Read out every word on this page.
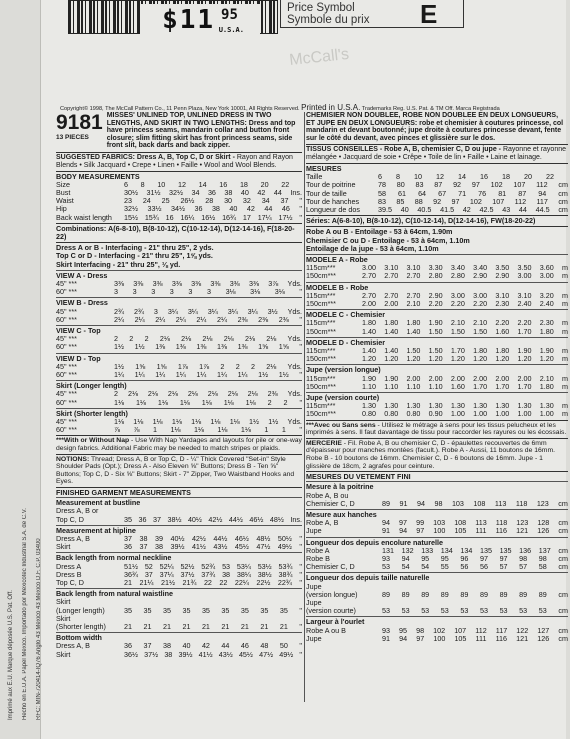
$11 95
U.S.A.
Price Symbol
Symbole du prix	E
McCall's
Copyright© 1998, The McCall Pattern Co., 11 Penn Plaza, New York 10001, All Rights Reserved. Printed in U.S.A. Trademarks Reg. U.S. Pat. & TM Off. Marca Registrada
Imprimé aux É.U. Marque déposée U.S. Pat. Off.	Hecho en E.U.A. Papel Mexico. Importado por Mexicotec Industrial S.A. de C.V.	RFC: MIN-720414-IQ76 Anglo 43 Mexico 43 Mexico D.F. C.P. 03400
9181
13 PIECES
MISSES' UNLINED TOP, UNLINED DRESS IN TWO LENGTHS, AND SKIRT IN TWO LENGTHS: Dress and top have princess seams, mandarin collar and button front closure; slim fitting skirt has front princess seams, side front slit, back darts and back zipper.
SUGGESTED FABRICS: Dress A, B, Top C, D or Skirt - Rayon and Rayon Blends • Silk Jacquard • Crepe • Linen • Faille • Wool and Wool Blends.
BODY MEASUREMENTS
Size	6 8 10 12 14 16 18 20 22
Bust	30½ 31½ 32½ 34 36 38 40 42 44 Ins.
Waist	23 24 25 26½ 28 30 32 34 37 "
Hip	32½ 33½ 34½ 36 38 40 42 44 46 "
Back waist length	15½ 15¾ 16 16¼ 16½ 16¾ 17 17¼ 17½ "
Combinations: A(6-8-10), B(8-10-12), C(10-12-14), D(12-14-16), F(18-20-22)
Dress A or B - Interfacing - 21" thru 25", 2 yds.
Top C or D - Interfacing - 21" thru 25", 1⅝ yds.
Skirt Interfacing - 21" thru 25", ⅛ yd.
VIEW A - Dress
45" ***	3⅜ 3⅜ 3⅜ 3⅜ 3⅜ 3⅜ 3⅜ 3⅜ 3⅞ Yds.
60" ***	3 3 3 3 3 3 3⅛ 3⅛ 3⅛ "
VIEW B - Dress
45" ***	2¾ 2¾ 3 3¼ 3¼ 3¼ 3¼ 3¼ 3½ Yds.
60" ***	2¼ 2¼ 2¼ 2¼ 2¼ 2¼ 2⅜ 2⅜ 2⅜ "
VIEW C - Top
45" ***	2 2 2 2⅛ 2⅛ 2⅛ 2⅛ 2⅛ 2⅛ Yds.
60" ***	1½ 1½ 1⅜ 1⅜ 1⅜ 1⅜ 1⅜ 1⅝ 1⅝ "
VIEW D - Top
45" ***	1½ 1⅝ 1⅝ 1⅞ 1⅞ 2 2 2 2⅛ Yds.
60" ***	1¼ 1¼ 1¼ 1¼ 1¼ 1¼ 1¼ 1½ 1½ "
Skirt (Longer length)
45" ***	2 2⅛ 2⅛ 2⅛ 2⅛ 2⅛ 2⅛ 2⅛ 2⅜ Yds.
60" ***	1⅛ 1⅛ 1⅛ 1⅛ 1⅛ 1⅛ 1⅛ 2 2 "
Skirt (Shorter length)
45" ***	1⅛ 1⅛ 1⅛ 1⅛ 1⅛ 1⅛ 1⅛ 1½ 1½ Yds.
60" ***	⅞ ⅞ 1 1⅛ 1⅛ 1⅛ 1⅛ 1 1 "
***With or Without Nap - Use With Nap Yardages and layouts for pile or one-way design fabrics. Additional Fabric may be needed to match stripes or plaids.
NOTIONS: Thread; Dress A, B or Top C, D - ¼" Thick Covered "Set-in" Style Shoulder Pads (Opt.); Dress A - Also Eleven ⅝" Buttons; Dress B - Ten ⅝" Buttons; Top C, D - Six ⅝" Buttons; Skirt - 7" Zipper, Two Waistband Hooks and Eyes.
FINISHED GARMENT MEASUREMENTS
Measurement at bustline
Dress A, B or
Top C, D	35 36 37 38½ 40½ 42½ 44½ 46½ 48½ Ins.
Measurement at hipline
Dress A, B	37 38 39 40½ 42½ 44½ 46½ 48½ 50½ "
Skirt	36 37 38 39½ 41½ 43½ 45½ 47½ 49½ "
Back length from normal neckline
Dress A	51½ 52 52¼ 52½ 52¾ 53 53¼ 53½ 53¾ "
Dress B	36¾ 37 37¼ 37½ 37¾ 38 38¼ 38½ 38¾ "
Top C, D	21 21¼ 21½ 21¾ 22 22 22¼ 22½ 22¾ "
Back length from natural waistline
Skirt
(Longer length)	35 35 35 35 35 35 35 35 35 "
Skirt
(Shorter length)	21 21 21 21 21 21 21 21 21 "
Bottom width
Dress A, B	36 37 38 40 42 44 46 48 50 "
Skirt	36½ 37½ 38 39½ 41½ 43½ 45½ 47½ 49½ "
CHEMISIER NON DOUBLEE, ROBE NON DOUBLEE EN DEUX LONGUEURS, ET JUPE EN DEUX LONGUEURS: robe et chemisier à coutures princesse, col mandarin et devant boutonné; jupe droite à coutures princesse devant, fente sur le côté du devant, avec pinces et glissière sur le dos.
TISSUS CONSEILLES - Robe A, B, chemisier C, D ou jupe - Rayonne et rayonne mélangée • Jacquard de soie • Crêpe • Toile de lin • Faille • Laine et lainage.
MESURES
Taille	6 8 10 12 14 16 18 20 22
Tour de poitrine	78 80 83 87 92 97 102 107 112 cm
Tour de taille	58 61 64 67 71 76 81 87 94 cm
Tour de hanches	83 85 88 92 97 102 107 112 117 cm
Longueur de dos	39.5 40 40.5 41.5 42 42.5 43 44 44.5 cm
Séries: A(6-8-10), B(8-10-12), C(10-12-14), D(12-14-16), FW(18-20-22)
Robe A ou B - Entoilage - 53 à 64cm, 1.90m
Chemisier C ou D - Entoilage - 53 à 64cm, 1.10m
Entoilage de la jupe - 53 à 64cm, 1.10m
MODELE A - Robe
115cm***	3.00 3.10 3.10 3.30 3.40 3.40 3.50 3.50 3.60 m
150cm***	2.70 2.70 2.70 2.80 2.80 2.90 2.90 3.00 3.00 m
MODELE B - Robe
115cm***	2.70 2.70 2.70 2.90 3.00 3.00 3.10 3.10 3.20 m
150cm***	2.00 2.00 2.10 2.20 2.20 2.20 2.30 2.40 2.40 m
MODELE C - Chemisier
115cm***	1.80 1.80 1.80 1.90 2.10 2.10 2.20 2.20 2.30 m
150cm***	1.40 1.40 1.40 1.50 1.50 1.50 1.60 1.70 1.80 m
MODELE D - Chemisier
115cm***	1.40 1.40 1.50 1.50 1.70 1.80 1.80 1.90 1.90 m
150cm***	1.20 1.20 1.20 1.20 1.20 1.20 1.20 1.20 1.20 m
Jupe (version longue)
115cm***	1.90 1.90 2.00 2.00 2.00 2.00 2.00 2.00 2.10 m
150cm***	1.10 1.10 1.10 1.10 1.60 1.70 1.70 1.70 1.80 m
Jupe (version courte)
115cm***	1.30 1.30 1.30 1.30 1.30 1.30 1.30 1.30 1.30 m
150cm***	0.80 0.80 0.80 0.90 1.00 1.00 1.00 1.00 1.00 m
***Avec ou Sans sens - Utilisez le métrage à sens pour les tissus pelucheux et les imprimés à sens. Il faut davantage de tissu pour raccorder les rayures ou les écossais.
MERCERIE - Fil. Robe A, B ou chemisier C, D - épaulettes recouvertes de 6mm d'épaisseur pour manches montées (facult.). Robe A - Aussi, 11 boutons de 16mm. Robe B - 10 boutons de 16mm. Chemisier C, D - 6 boutons de 16mm. Jupe - 1 glissière de 18cm, 2 agrafes pour ceinture.
MESURES DU VETEMENT FINI
Mesure à la poitrine
Robe A, B ou
Chemisier C, D	89 91 94 98 103 108 113 118 123 cm
Mesure aux hanches
Robe A, B	94 97 99 103 108 113 118 123 128 cm
Jupe	91 94 97 100 105 111 116 121 126 cm
Longueur dos depuis encolure naturelle
Robe A	131 132 133 134 134 135 135 136 137 cm
Robe B	93 94 95 95 96 97 97 98 98 cm
Chemisier C, D	53 54 54 55 56 56 57 57 58 cm
Longueur dos depuis taille naturelle
Jupe
(version longue)	89 89 89 89 89 89 89 89 89 cm
Jupe
(version courte)	53 53 53 53 53 53 53 53 53 cm
Largeur à l'ourlet
Robe A ou B	93 95 98 102 107 112 117 122 127 cm
Jupe	91 94 97 100 105 111 116 121 126 cm
